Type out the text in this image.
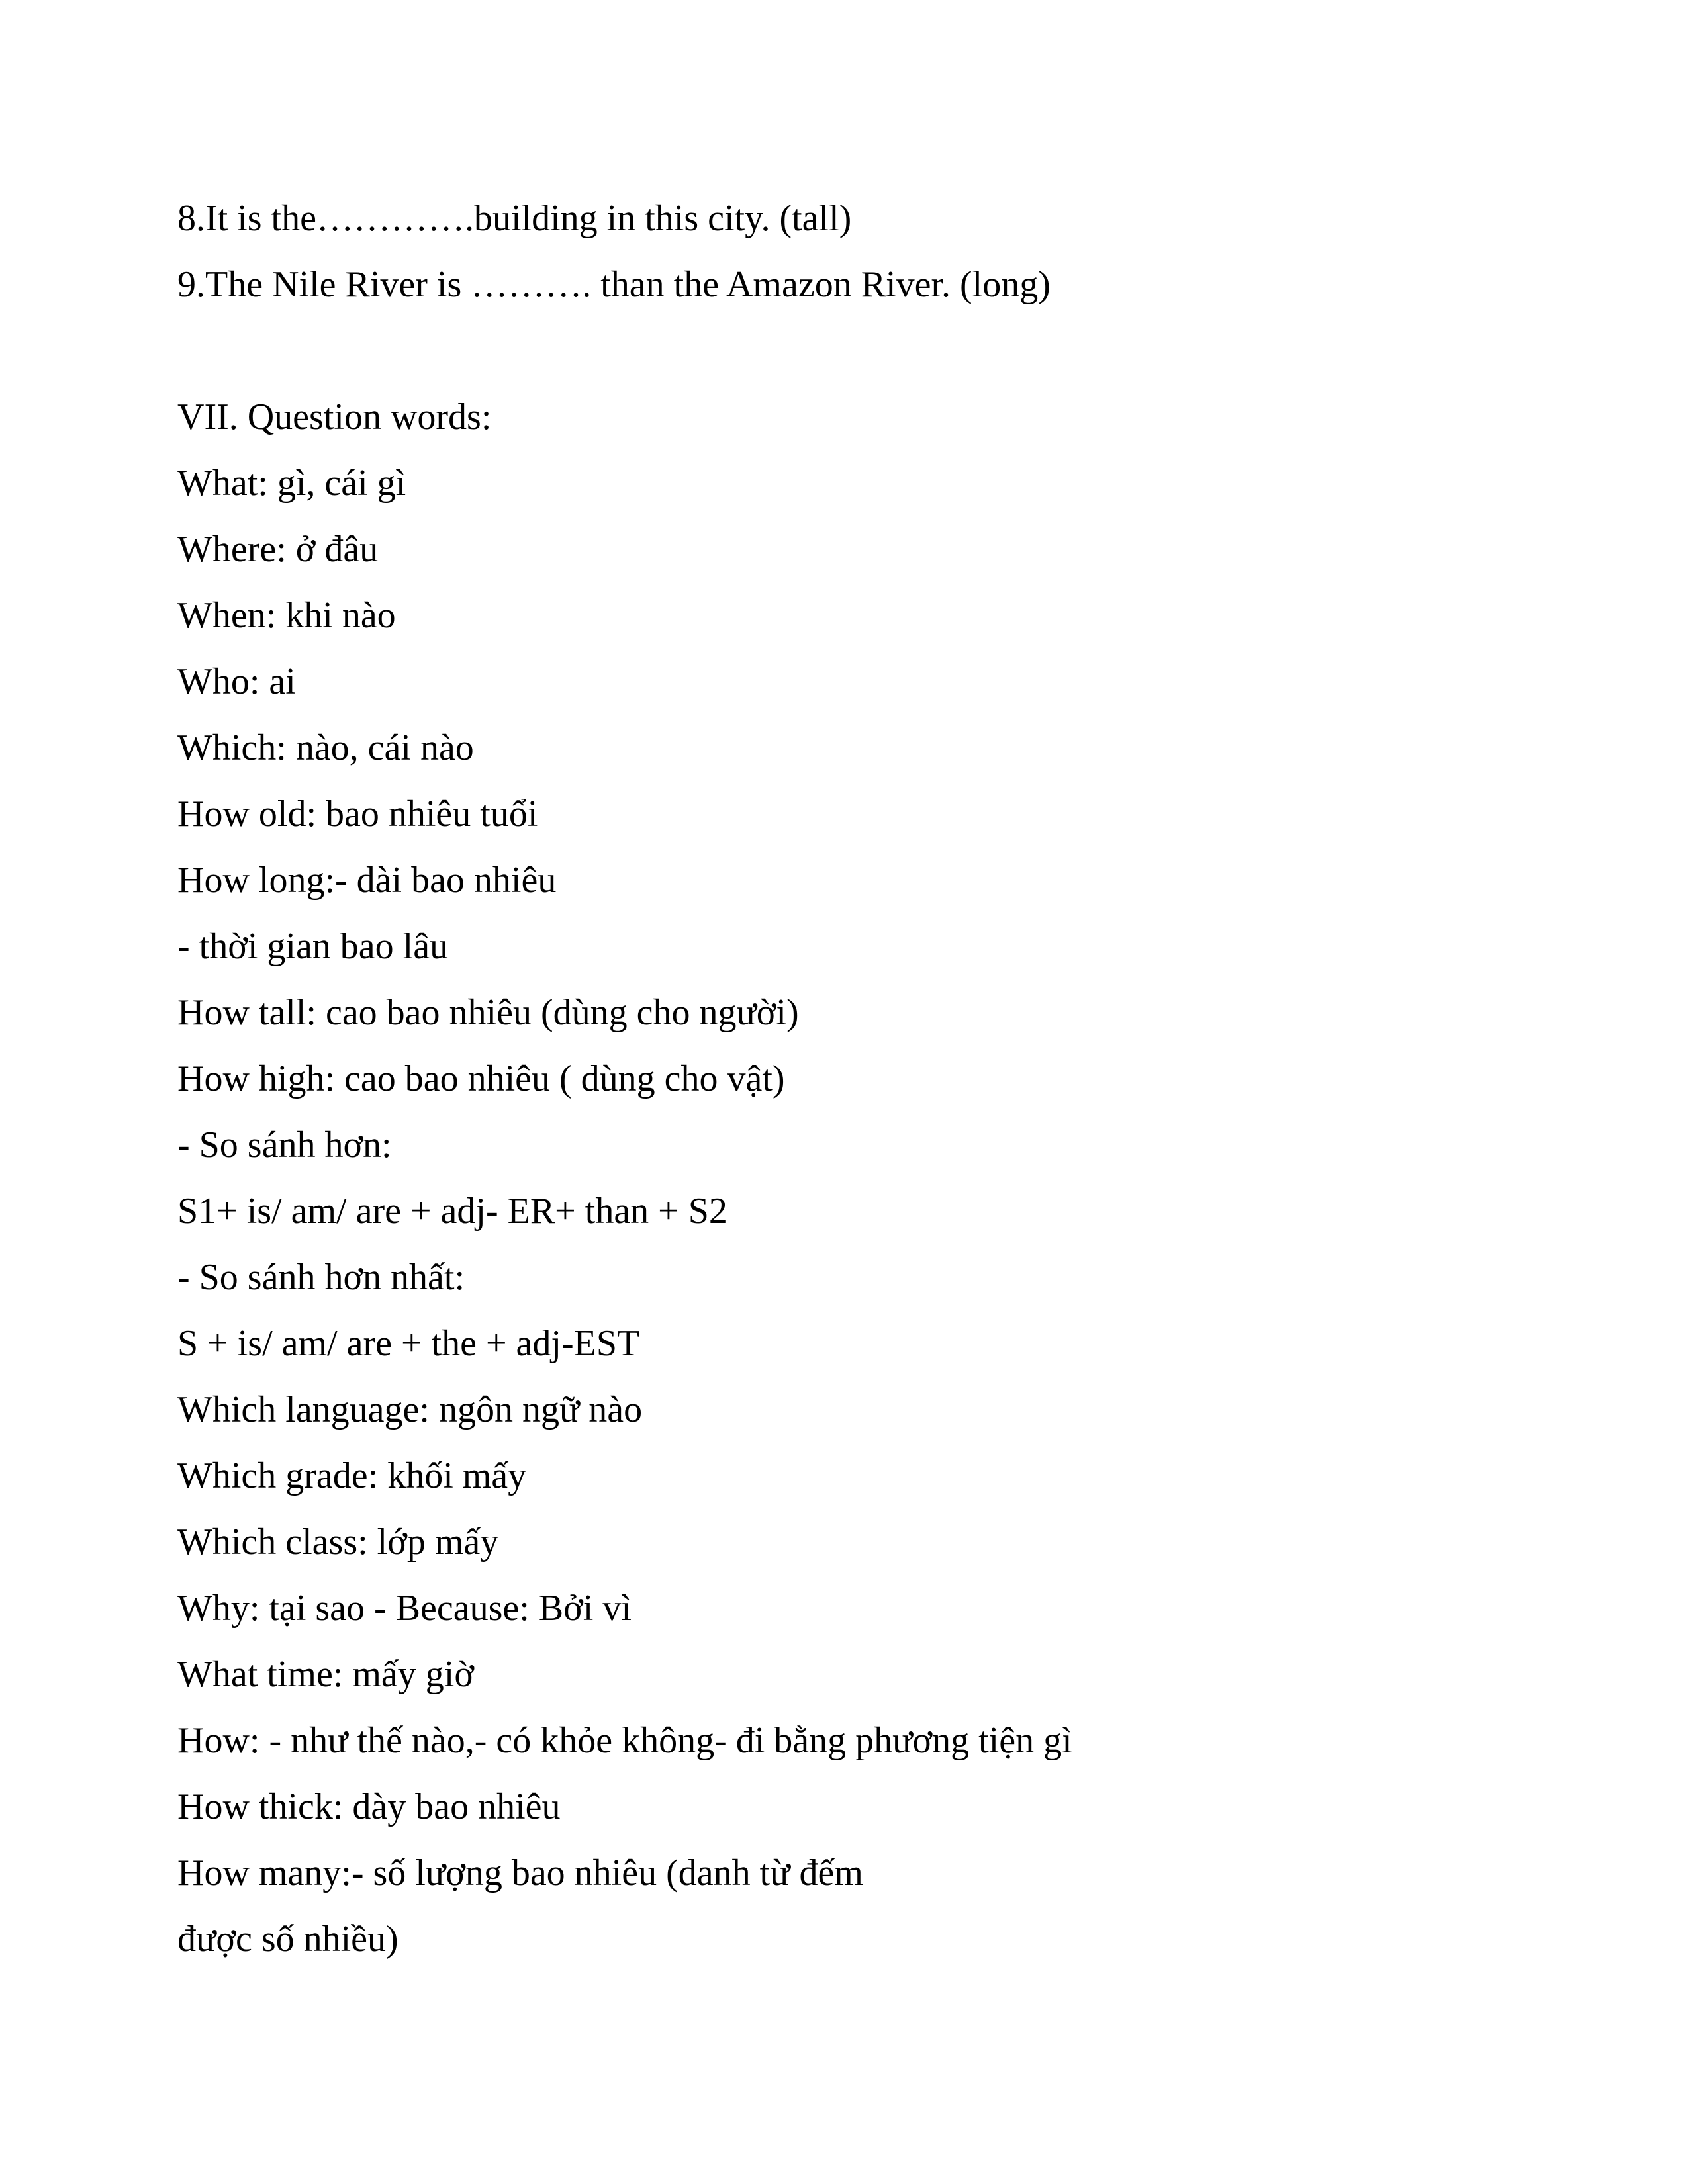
8.It is the………….building in this city. (tall)
9.The Nile River is ………. than the Amazon River. (long)
VII. Question words:
What: gì, cái gì
Where: ở đâu
When: khi nào
Who: ai
Which: nào, cái nào
How old: bao nhiêu tuổi
How long:- dài bao nhiêu
- thời gian bao lâu
How tall: cao bao nhiêu (dùng cho người)
How high: cao bao nhiêu ( dùng cho vật)
- So sánh hơn:
S1+ is/ am/ are + adj- ER+ than + S2
- So sánh hơn nhất:
S + is/ am/ are + the + adj-EST
Which language: ngôn ngữ nào
Which grade: khối mấy
Which class: lớp mấy
Why: tại sao - Because: Bởi vì
What time: mấy giờ
How: - như thế nào,- có khỏe không- đi bằng phương tiện gì
How thick: dày bao nhiêu
How many:- số lượng bao nhiêu (danh từ đếm
được số nhiều)
